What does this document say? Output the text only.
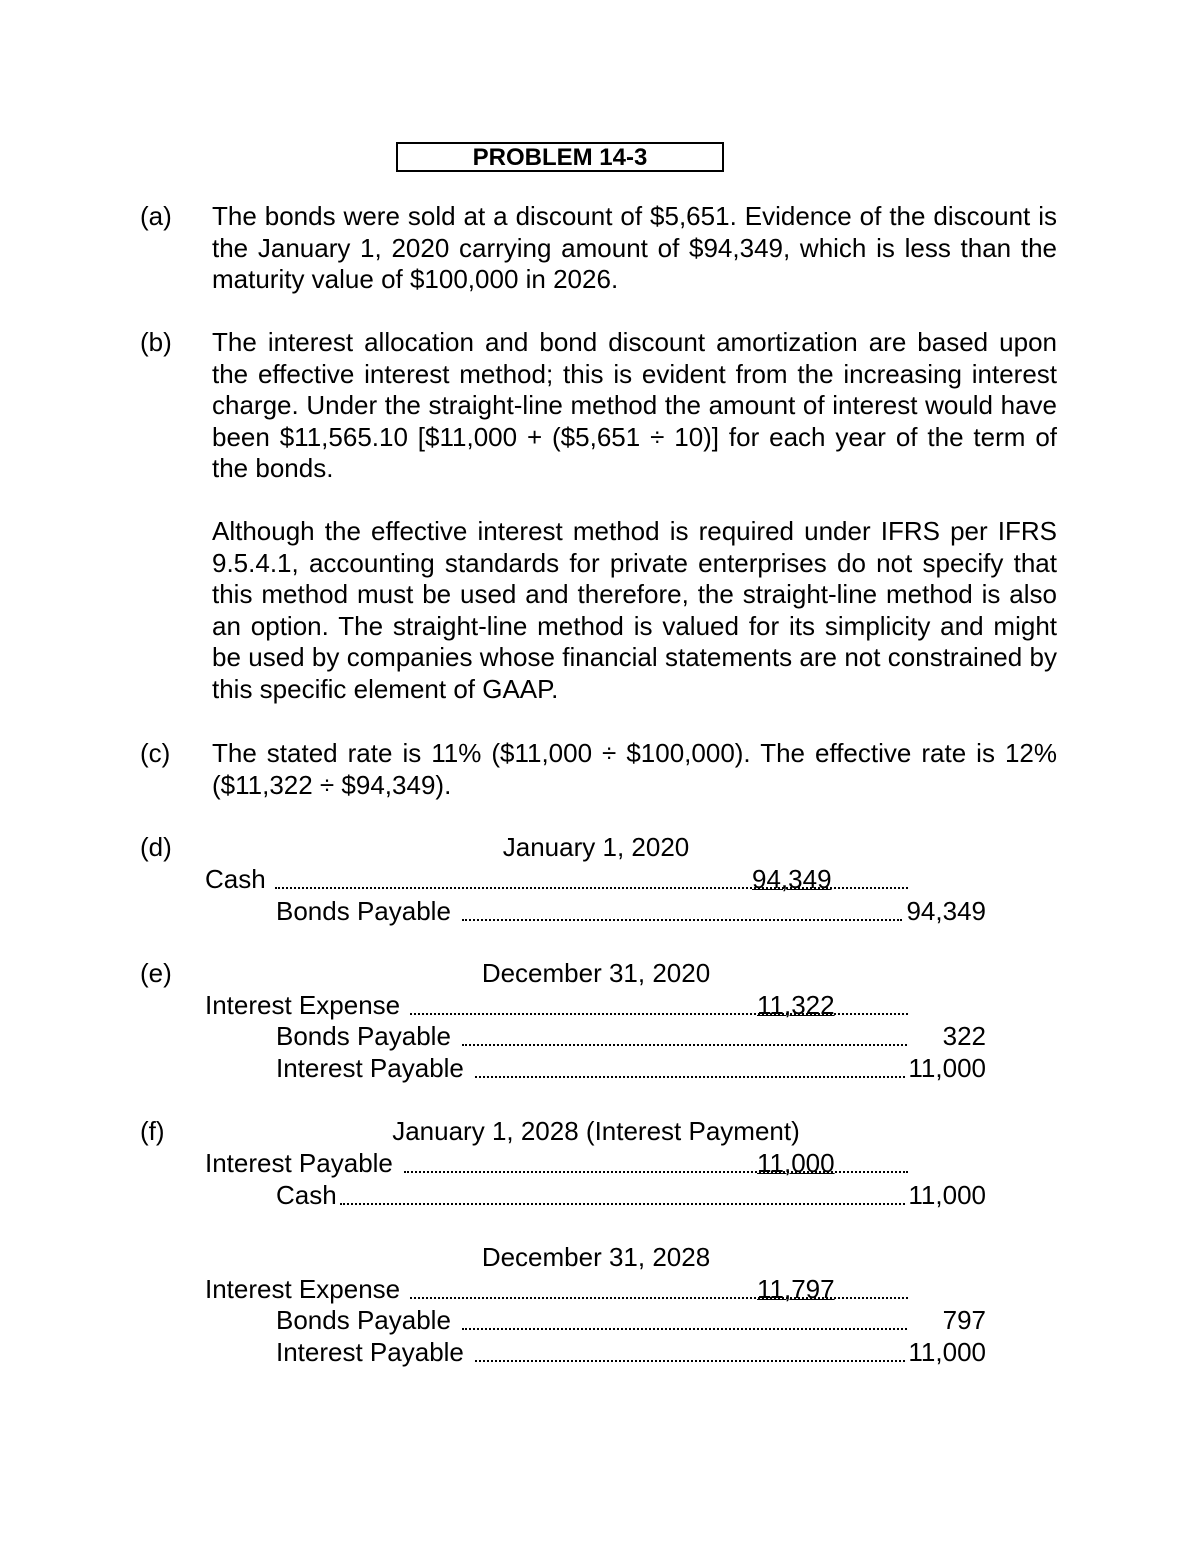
PROBLEM 14-3
(a) The bonds were sold at a discount of $5,651. Evidence of the discount is the January 1, 2020 carrying amount of $94,349, which is less than the maturity value of $100,000 in 2026.
(b) The interest allocation and bond discount amortization are based upon the effective interest method; this is evident from the increasing interest charge. Under the straight-line method the amount of interest would have been $11,565.10 [$11,000 + ($5,651 ÷ 10)] for each year of the term of the bonds.
Although the effective interest method is required under IFRS per IFRS 9.5.4.1, accounting standards for private enterprises do not specify that this method must be used and therefore, the straight-line method is also an option. The straight-line method is valued for its simplicity and might be used by companies whose financial statements are not constrained by this specific element of GAAP.
(c) The stated rate is 11% ($11,000 ÷ $100,000). The effective rate is 12% ($11,322 ÷ $94,349).
(d)	January 1, 2020
Cash	94,349
Bonds Payable	94,349
(e)	December 31, 2020
Interest Expense	11,322
Bonds Payable	322
Interest Payable	11,000
(f)	January 1, 2028 (Interest Payment)
Interest Payable	11,000
Cash	11,000
December 31, 2028
Interest Expense	11,797
Bonds Payable	797
Interest Payable	11,000
